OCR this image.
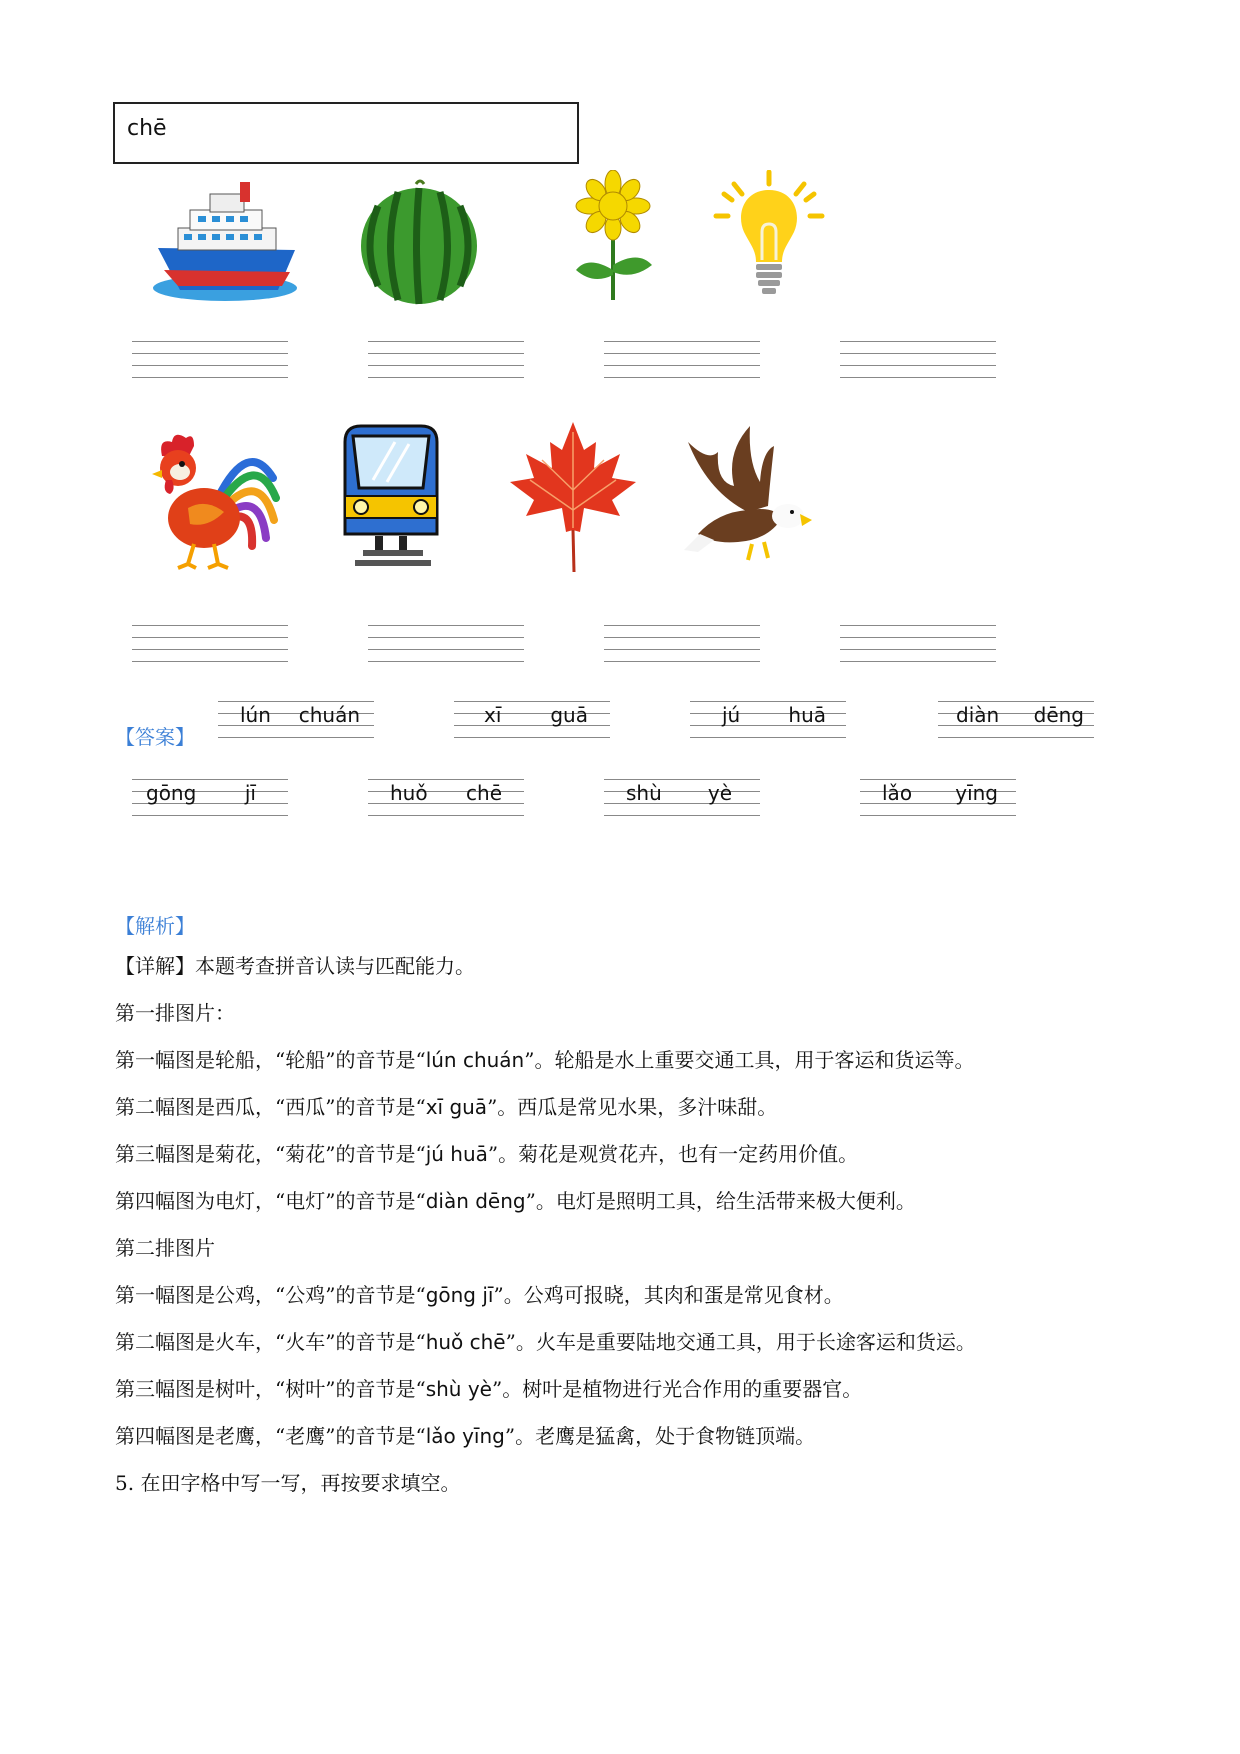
chē
【答案】
lún chuán	xī guā	jú huā	diàn dēng
gōng jī	huǒ chē	shù yè	lǎo yīng
【解析】
【详解】本题考查拼音认读与匹配能力。
第一排图片：
第一幅图是轮船，“轮船”的音节是“lún chuán”。轮船是水上重要交通工具，用于客运和货运等。
第二幅图是西瓜，“西瓜”的音节是“xī guā”。西瓜是常见水果，多汁味甜。
第三幅图是菊花，“菊花”的音节是“jú huā”。菊花是观赏花卉，也有一定药用价值。
第四幅图为电灯，“电灯”的音节是“diàn dēng”。电灯是照明工具，给生活带来极大便利。
第二排图片
第一幅图是公鸡，“公鸡”的音节是“gōng jī”。公鸡可报晓，其肉和蛋是常见食材。
第二幅图是火车，“火车”的音节是“huǒ chē”。火车是重要陆地交通工具，用于长途客运和货运。
第三幅图是树叶，“树叶”的音节是“shù yè”。树叶是植物进行光合作用的重要器官。
第四幅图是老鹰，“老鹰”的音节是“lǎo yīng”。老鹰是猛禽，处于食物链顶端。
5. 在田字格中写一写，再按要求填空。
